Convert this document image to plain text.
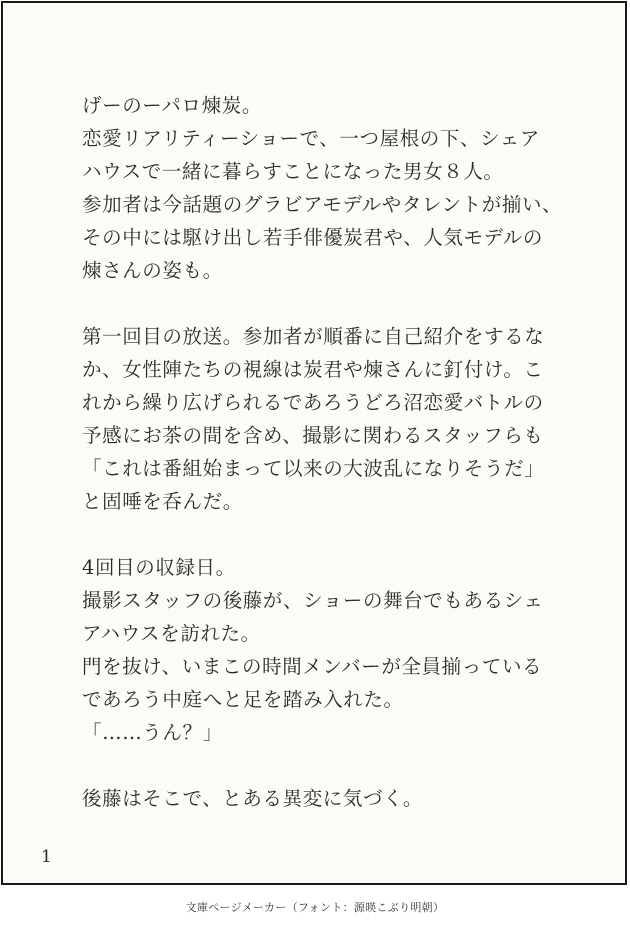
げーのーパロ煉炭。
恋愛リアリティーショーで、一つ屋根の下、シェア
ハウスで一緒に暮らすことになった男女８人。
参加者は今話題のグラビアモデルやタレントが揃い、
その中には駆け出し若手俳優炭君や、人気モデルの
煉さんの姿も。
第一回目の放送。参加者が順番に自己紹介をするな
か、女性陣たちの視線は炭君や煉さんに釘付け。こ
れから繰り広げられるであろうどろ沼恋愛バトルの
予感にお茶の間を含め、撮影に関わるスタッフらも
「これは番組始まって以来の大波乱になりそうだ」
と固唾を呑んだ。
4回目の収録日。
撮影スタッフの後藤が、ショーの舞台でもあるシェ
アハウスを訪れた。
門を抜け、いまこの時間メンバーが全員揃っている
であろう中庭へと足を踏み入れた。
「……うん？」
後藤はそこで、とある異変に気づく。
1
文庫ページメーカー（フォント：源暎こぶり明朝）
